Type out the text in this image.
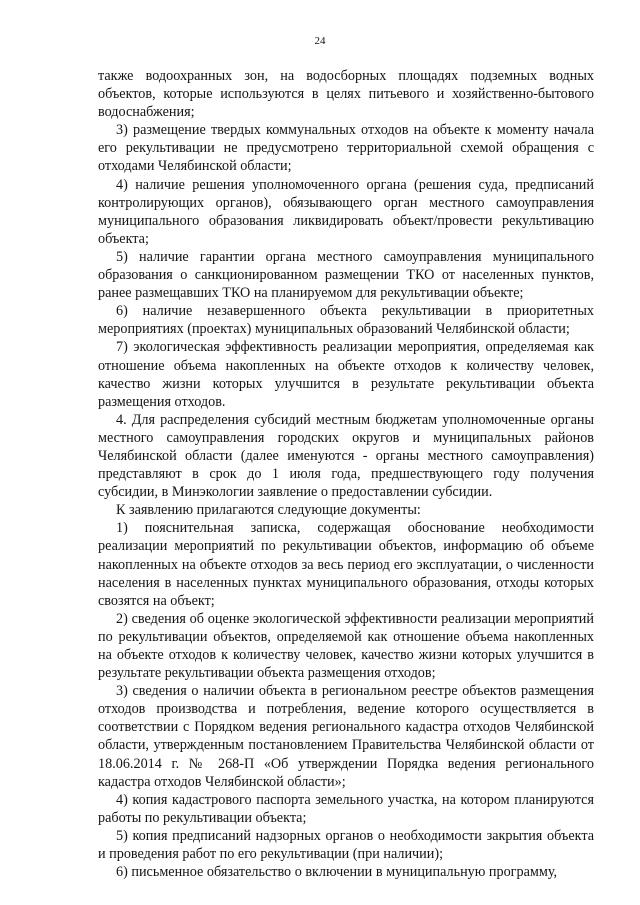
24

также водоохранных зон, на водосборных площадях подземных водных объектов, которые используются в целях питьевого и хозяйственно-бытового водоснабжения;

3) размещение твердых коммунальных отходов на объекте к моменту начала его рекультивации не предусмотрено территориальной схемой обращения с отходами Челябинской области;

4) наличие решения уполномоченного органа (решения суда, предписаний контролирующих органов), обязывающего орган местного самоуправления муниципального образования ликвидировать объект/провести рекультивацию объекта;

5) наличие гарантии органа местного самоуправления муниципального образования о санкционированном размещении ТКО от населенных пунктов, ранее размещавших ТКО на планируемом для рекультивации объекте;

6) наличие незавершенного объекта рекультивации в приоритетных мероприятиях (проектах) муниципальных образований Челябинской области;

7) экологическая эффективность реализации мероприятия, определяемая как отношение объема накопленных на объекте отходов к количеству человек, качество жизни которых улучшится в результате рекультивации объекта размещения отходов.

4. Для распределения субсидий местным бюджетам уполномоченные органы местного самоуправления городских округов и муниципальных районов Челябинской области (далее именуются - органы местного самоуправления) представляют в срок до 1 июля года, предшествующего году получения субсидии, в Минэкологии заявление о предоставлении субсидии.

К заявлению прилагаются следующие документы:

1) пояснительная записка, содержащая обоснование необходимости реализации мероприятий по рекультивации объектов, информацию об объеме накопленных на объекте отходов за весь период его эксплуатации, о численности населения в населенных пунктах муниципального образования, отходы которых свозятся на объект;

2) сведения об оценке экологической эффективности реализации мероприятий по рекультивации объектов, определяемой как отношение объема накопленных на объекте отходов к количеству человек, качество жизни которых улучшится в результате рекультивации объекта размещения отходов;

3) сведения о наличии объекта в региональном реестре объектов размещения отходов производства и потребления, ведение которого осуществляется в соответствии с Порядком ведения регионального кадастра отходов Челябинской области, утвержденным постановлением Правительства Челябинской области от 18.06.2014 г. № 268-П «Об утверждении Порядка ведения регионального кадастра отходов Челябинской области»;

4) копия кадастрового паспорта земельного участка, на котором планируются работы по рекультивации объекта;

5) копия предписаний надзорных органов о необходимости закрытия объекта и проведения работ по его рекультивации (при наличии);

6) письменное обязательство о включении в муниципальную программу,
